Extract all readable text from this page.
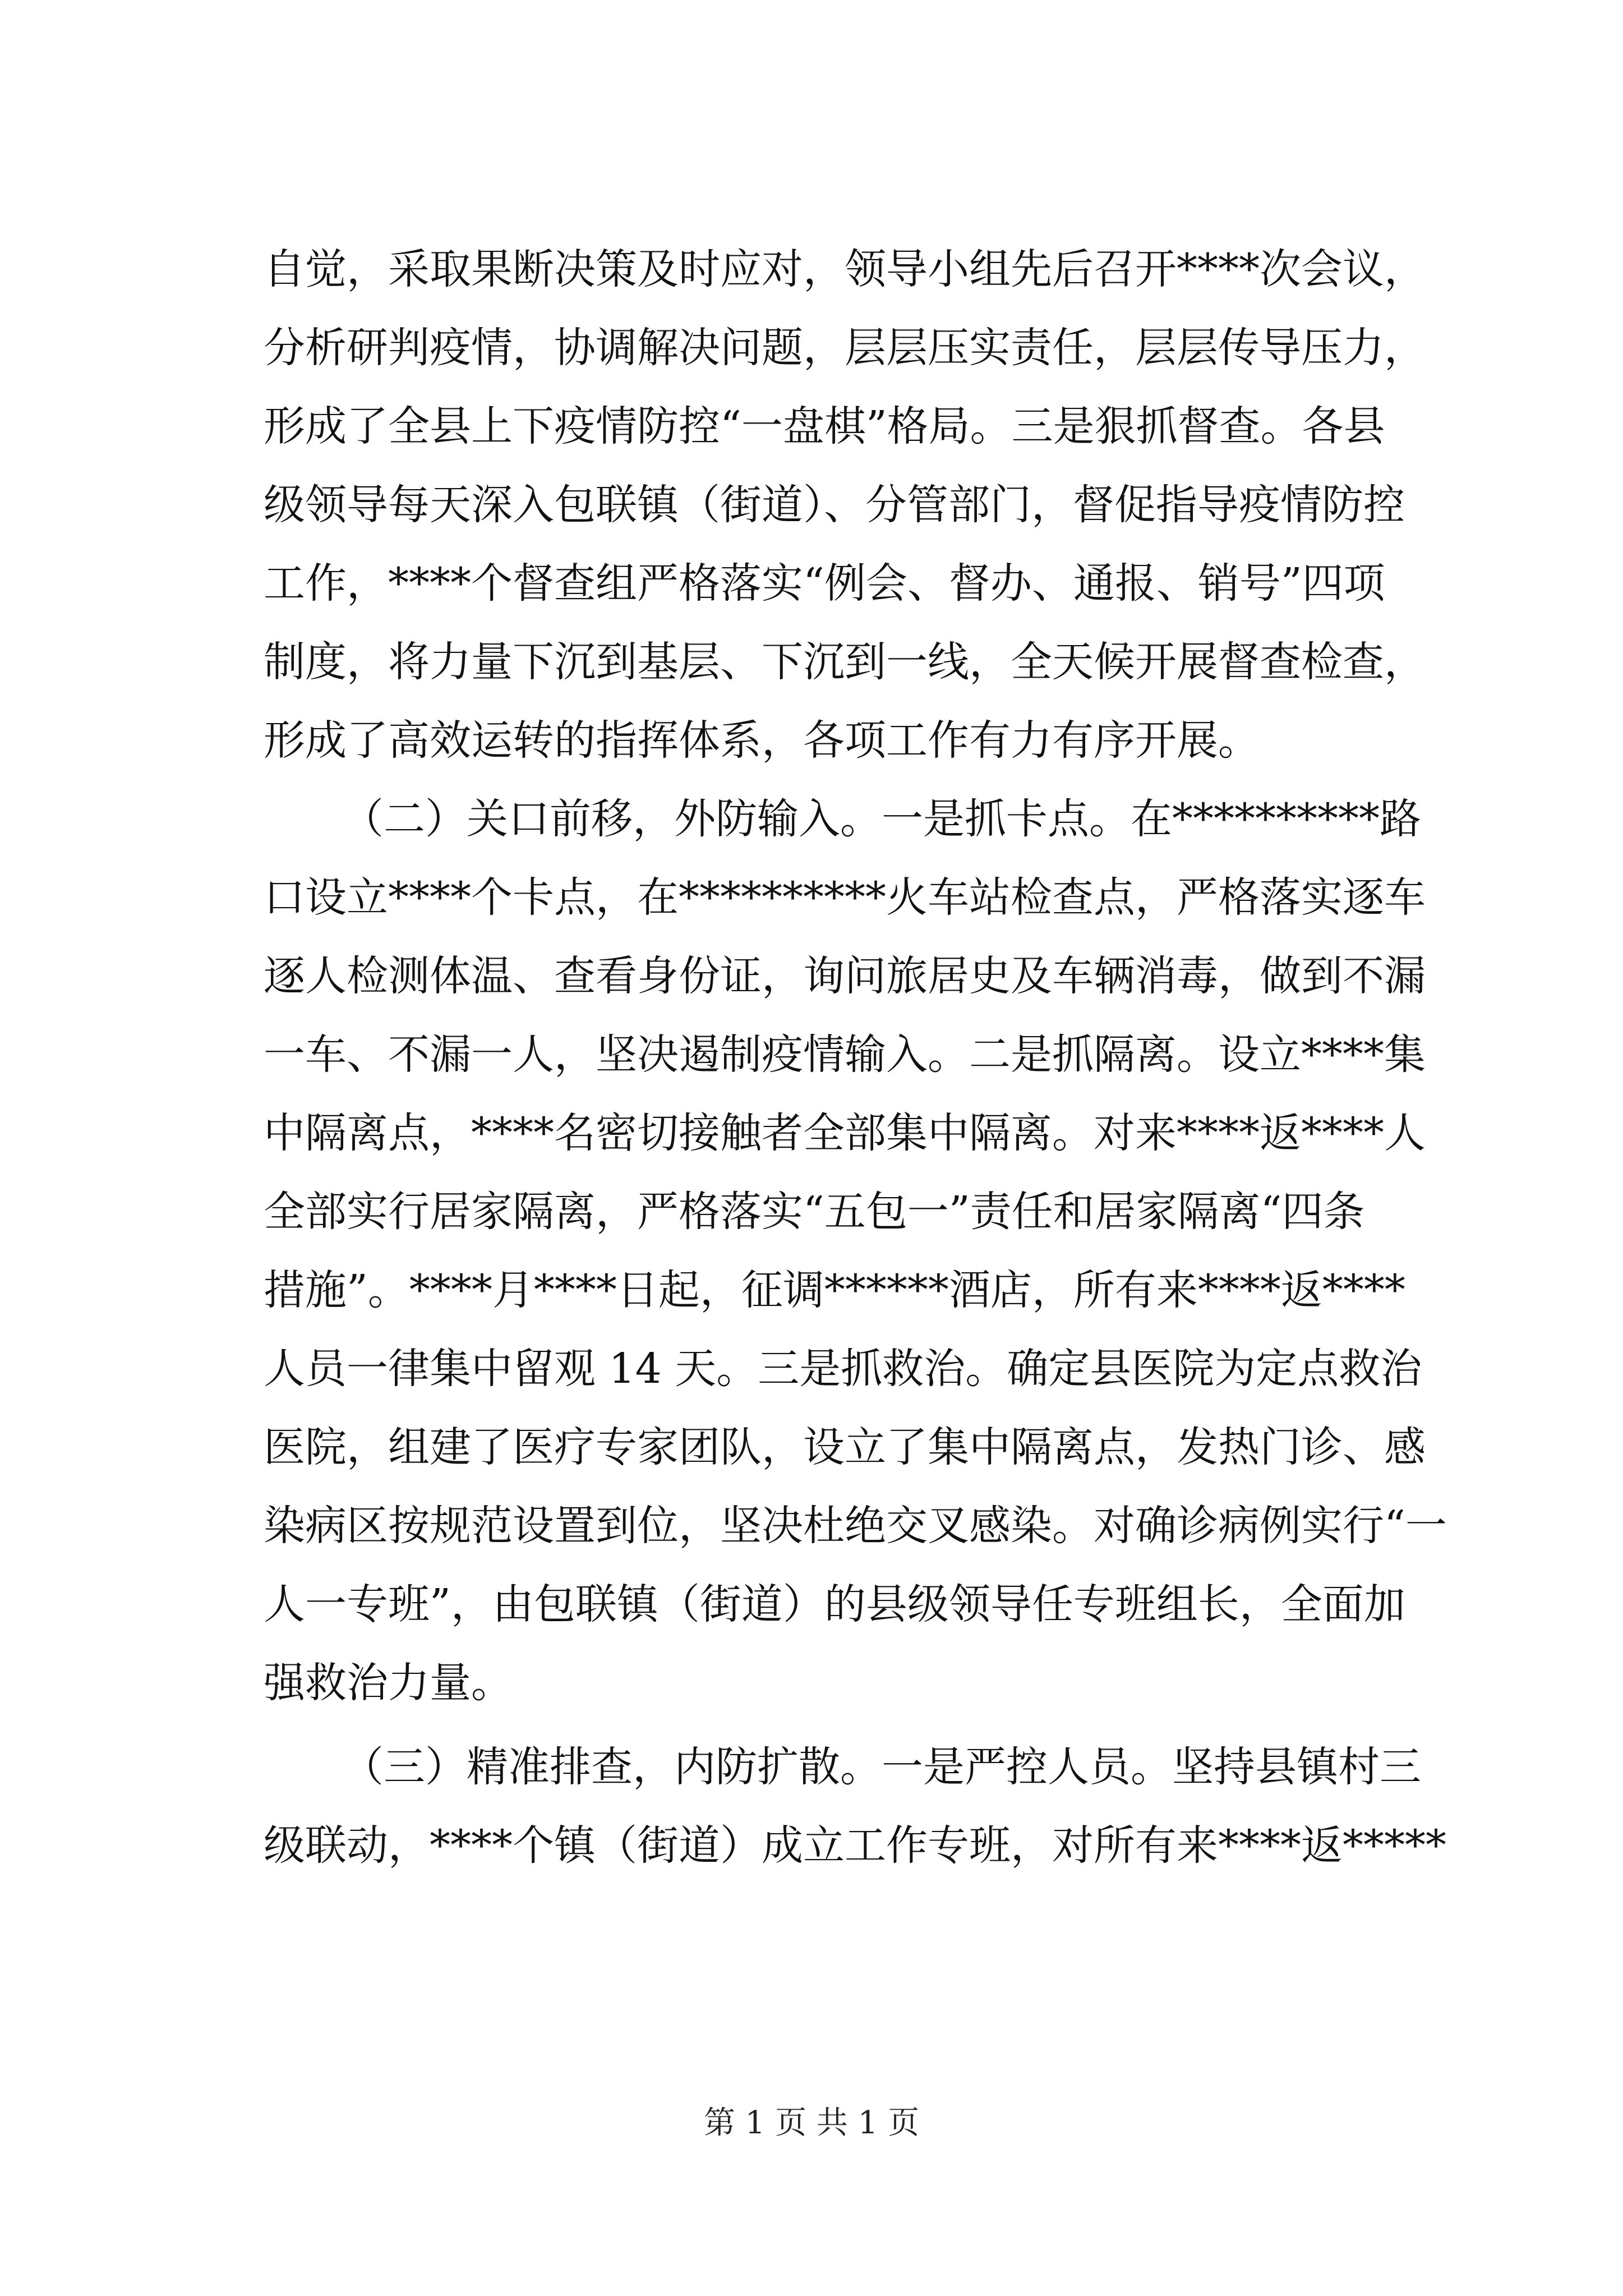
自觉，采取果断决策及时应对，领导小组先后召开****次会议，
分析研判疫情，协调解决问题，层层压实责任，层层传导压力，
形成了全县上下疫情防控“一盘棋”格局。三是狠抓督查。各县
级领导每天深入包联镇（街道）、分管部门，督促指导疫情防控
工作，****个督查组严格落实“例会、督办、通报、销号”四项
制度，将力量下沉到基层、下沉到一线，全天候开展督查检查，
形成了高效运转的指挥体系，各项工作有力有序开展。
（二）关口前移，外防输入。一是抓卡点。在**********路
口设立****个卡点，在**********火车站检查点，严格落实逐车
逐人检测体温、查看身份证，询问旅居史及车辆消毒，做到不漏
一车、不漏一人，坚决遏制疫情输入。二是抓隔离。设立****集
中隔离点，****名密切接触者全部集中隔离。对来****返****人
全部实行居家隔离，严格落实“五包一”责任和居家隔离“四条
措施”。****月****日起，征调******酒店，所有来****返****
人员一律集中留观 14 天。三是抓救治。确定县医院为定点救治
医院，组建了医疗专家团队，设立了集中隔离点，发热门诊、感
染病区按规范设置到位，坚决杜绝交叉感染。对确诊病例实行“一
人一专班”，由包联镇（街道）的县级领导任专班组长，全面加
强救治力量。
（三）精准排查，内防扩散。一是严控人员。坚持县镇村三
级联动，****个镇（街道）成立工作专班，对所有来****返*****
第 1 页 共 1 页
